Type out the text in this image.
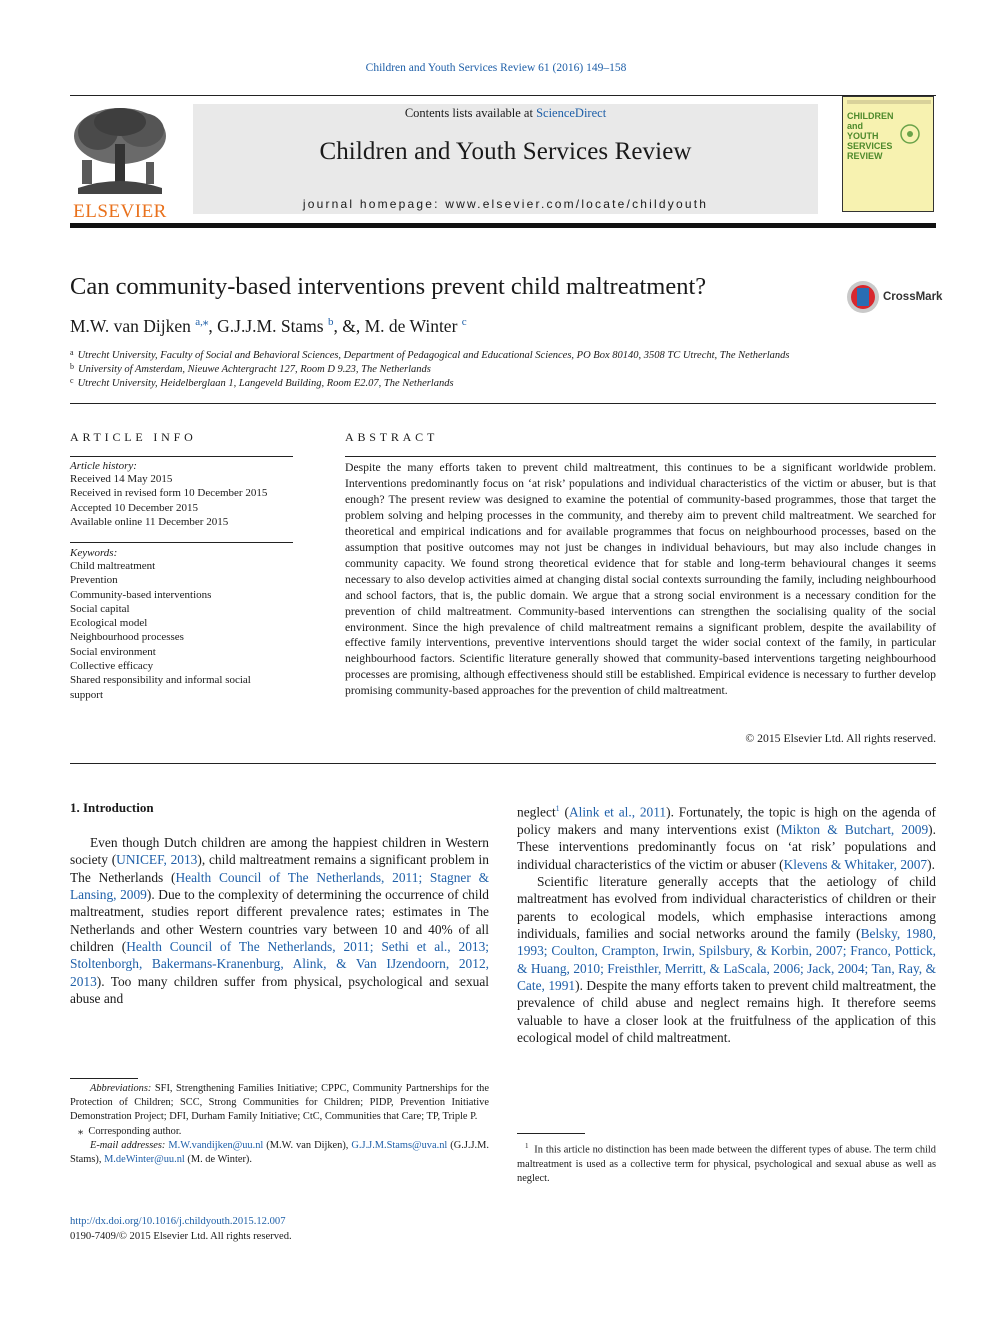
Children and Youth Services Review 61 (2016) 149–158
ELSEVIER
Contents lists available at ScienceDirect
Children and Youth Services Review
journal homepage: www.elsevier.com/locate/childyouth
CHILDREN
and
YOUTH
SERVICES
REVIEW
Can community-based interventions prevent child maltreatment?	CrossMark
M.W. van Dijken $^{a,⁎}$, G.J.J.M. Stams $^b$, &, M. de Winter $^c$
$^a$ Utrecht University, Faculty of Social and Behavioral Sciences, Department of Pedagogical and Educational Sciences, PO Box 80140, 3508 TC Utrecht, The Netherlands
$^b$ University of Amsterdam, Nieuwe Achtergracht 127, Room D 9.23, The Netherlands
$^c$ Utrecht University, Heidelberglaan 1, Langeveld Building, Room E2.07, The Netherlands
ARTICLE INFO
Article history:
Received 14 May 2015
Received in revised form 10 December 2015
Accepted 10 December 2015
Available online 11 December 2015
Keywords:
Child maltreatment
Prevention
Community-based interventions
Social capital
Ecological model
Neighbourhood processes
Social environment
Collective efficacy
Shared responsibility and informal social support
ABSTRACT
Despite the many efforts taken to prevent child maltreatment, this continues to be a significant worldwide problem. Interventions predominantly focus on ‘at risk’ populations and individual characteristics of the victim or abuser, but is that enough? The present review was designed to examine the potential of community-based programmes, those that target the problem solving and helping processes in the community, and thereby aim to prevent child maltreatment. We searched for theoretical and empirical indications and for available programmes that focus on neighbourhood processes, based on the assumption that positive outcomes may not just be changes in individual behaviours, but may also include changes in community capacity. We found strong theoretical evidence that for stable and long-term behavioural changes it seems necessary to also develop activities aimed at changing distal social contexts surrounding the family, including neighbourhood and school factors, that is, the public domain. We argue that a strong social environment is a necessary condition for the prevention of child maltreatment. Community-based interventions can strengthen the socialising quality of the social environment. Since the high prevalence of child maltreatment remains a significant problem, despite the availability of effective family interventions, preventive interventions should target the wider social context of the family, in particular neighbourhood factors. Scientific literature generally showed that community-based interventions targeting neighbourhood processes are promising, although effectiveness should still be established. Empirical evidence is necessary to further develop promising community-based approaches for the prevention of child maltreatment.
© 2015 Elsevier Ltd. All rights reserved.
1. Introduction

Even though Dutch children are among the happiest children in Western society (UNICEF, 2013), child maltreatment remains a significant problem in The Netherlands (Health Council of The Netherlands, 2011; Stagner & Lansing, 2009). Due to the complexity of determining the occurrence of child maltreatment, studies report different prevalence rates; estimates in The Netherlands and other Western countries vary between 10 and 40% of all children (Health Council of The Netherlands, 2011; Sethi et al., 2013; Stoltenborgh, Bakermans-Kranenburg, Alink, & Van IJzendoorn, 2012, 2013). Too many children suffer from physical, psychological and sexual abuse and

neglect$^1$ (Alink et al., 2011). Fortunately, the topic is high on the agenda of policy makers and many interventions exist (Mikton & Butchart, 2009). These interventions predominantly focus on ‘at risk’ populations and individual characteristics of the victim or abuser (Klevens & Whitaker, 2007).

Scientific literature generally accepts that the aetiology of child maltreatment has evolved from individual characteristics of children or their parents to ecological models, which emphasise interactions among individuals, families and social networks around the family (Belsky, 1980, 1993; Coulton, Crampton, Irwin, Spilsbury, & Korbin, 2007; Franco, Pottick, & Huang, 2010; Freisthler, Merritt, & LaScala, 2006; Jack, 2004; Tan, Ray, & Cate, 1991). Despite the many efforts taken to prevent child maltreatment, the prevalence of child abuse and neglect remains high. It therefore seems valuable to have a closer look at the fruitfulness of the application of this ecological model of child maltreatment.

Abbreviations: SFI, Strengthening Families Initiative; CPPC, Community Partnerships for the Protection of Children; SCC, Strong Communities for Children; PIDP, Prevention Initiative Demonstration Project; DFI, Durham Family Initiative; CtC, Communities that Care; TP, Triple P.
⁎ Corresponding author.
E-mail addresses: M.W.vandijken@uu.nl (M.W. van Dijken), G.J.J.M.Stams@uva.nl (G.J.J.M. Stams), M.deWinter@uu.nl (M. de Winter).
$^1$ In this article no distinction has been made between the different types of abuse. The term child maltreatment is used as a collective term for physical, psychological and sexual abuse as well as neglect.
http://dx.doi.org/10.1016/j.childyouth.2015.12.007
0190-7409/© 2015 Elsevier Ltd. All rights reserved.
